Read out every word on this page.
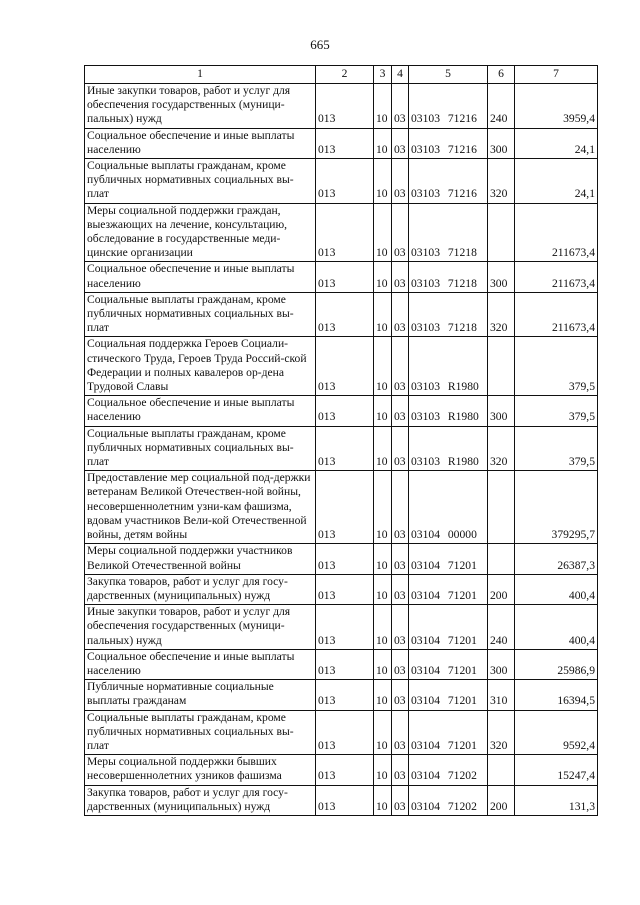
665
1	2	3	4	5	6	7
Иные закупки товаров, работ и услуг для обеспечения государственных (муници-пальных) нужд	013	10	03	03103 71216	240	3959,4
Социальное обеспечение и иные выплаты населению	013	10	03	03103 71216	300	24,1
Социальные выплаты гражданам, кроме публичных нормативных социальных вы-плат	013	10	03	03103 71216	320	24,1
Меры социальной поддержки граждан, выезжающих на лечение, консультацию, обследование в государственные меди-цинские организации	013	10	03	03103 71218		211673,4
Социальное обеспечение и иные выплаты населению	013	10	03	03103 71218	300	211673,4
Социальные выплаты гражданам, кроме публичных нормативных социальных вы-плат	013	10	03	03103 71218	320	211673,4
Социальная поддержка Героев Социали-стического Труда, Героев Труда Россий-ской Федерации и полных кавалеров ор-дена Трудовой Славы	013	10	03	03103 R1980		379,5
Социальное обеспечение и иные выплаты населению	013	10	03	03103 R1980	300	379,5
Социальные выплаты гражданам, кроме публичных нормативных социальных вы-плат	013	10	03	03103 R1980	320	379,5
Предоставление мер социальной под-держки ветеранам Великой Отечествен-ной войны, несовершеннолетним узни-кам фашизма, вдовам участников Вели-кой Отечественной войны, детям войны	013	10	03	03104 00000		379295,7
Меры социальной поддержки участников Великой Отечественной войны	013	10	03	03104 71201		26387,3
Закупка товаров, работ и услуг для госу-дарственных (муниципальных) нужд	013	10	03	03104 71201	200	400,4
Иные закупки товаров, работ и услуг для обеспечения государственных (муници-пальных) нужд	013	10	03	03104 71201	240	400,4
Социальное обеспечение и иные выплаты населению	013	10	03	03104 71201	300	25986,9
Публичные нормативные социальные выплаты гражданам	013	10	03	03104 71201	310	16394,5
Социальные выплаты гражданам, кроме публичных нормативных социальных вы-плат	013	10	03	03104 71201	320	9592,4
Меры социальной поддержки бывших несовершеннолетних узников фашизма	013	10	03	03104 71202		15247,4
Закупка товаров, работ и услуг для госу-дарственных (муниципальных) нужд	013	10	03	03104 71202	200	131,3
